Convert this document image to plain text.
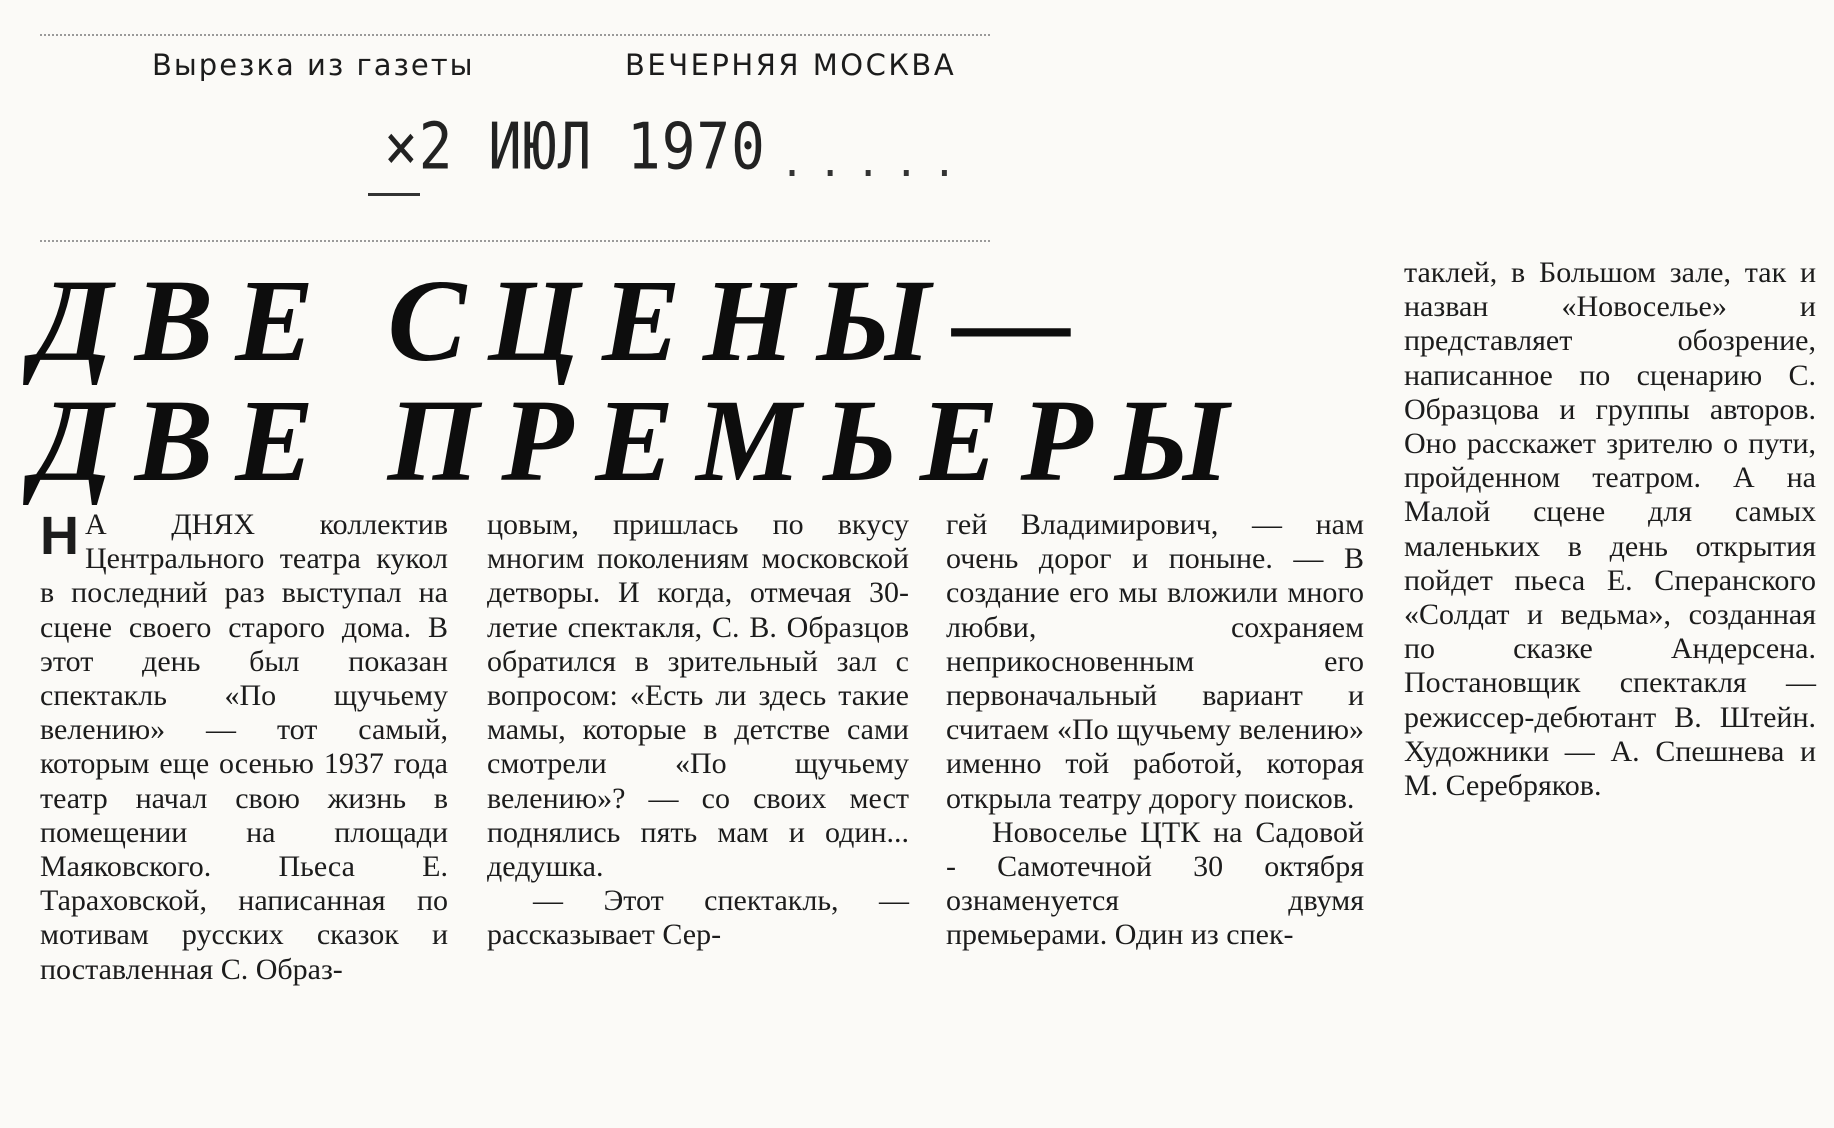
Вырезка из газеты	ВЕЧЕРНЯЯ МОСКВА
×2 ИЮЛ 1970 .....
ДВЕ СЦЕНЫ—
ДВЕ ПРЕМЬЕРЫ
Н А ДНЯХ коллектив Центрального театра кукол в последний раз выступал на сцене своего старого дома. В этот день был показан спектакль «По щучьему велению» — тот самый, которым еще осенью 1937 года театр начал свою жизнь в помещении на площади Маяковского. Пьеса Е. Тараховской, написанная по мотивам русских сказок и поставленная С. Образ-
цовым, пришлась по вкусу многим поколениям московской детворы. И когда, отмечая 30-летие спектакля, С. В. Образцов обратился в зрительный зал с вопросом: «Есть ли здесь такие мамы, которые в детстве сами смотрели «По щучьему велению»? — со своих мест поднялись пять мам и один... дедушка.
— Этот спектакль, — рассказывает Сер-
гей Владимирович, — нам очень дорог и поныне. — В создание его мы вложили много любви, сохраняем неприкосновенным его первоначальный вариант и считаем «По щучьему велению» именно той работой, которая открыла театру дорогу поисков.
Новоселье ЦТК на Садовой - Самотечной 30 октября ознаменуется двумя премьерами. Один из спек-
таклей, в Большом зале, так и назван «Новоселье» и представляет обозрение, написанное по сценарию С. Образцова и группы авторов. Оно расскажет зрителю о пути, пройденном театром. А на Малой сцене для самых маленьких в день открытия пойдет пьеса Е. Сперанского «Солдат и ведьма», созданная по сказке Андерсена. Постановщик спектакля — режиссер-дебютант В. Штейн. Художники — А. Спешнева и М. Серебряков.
